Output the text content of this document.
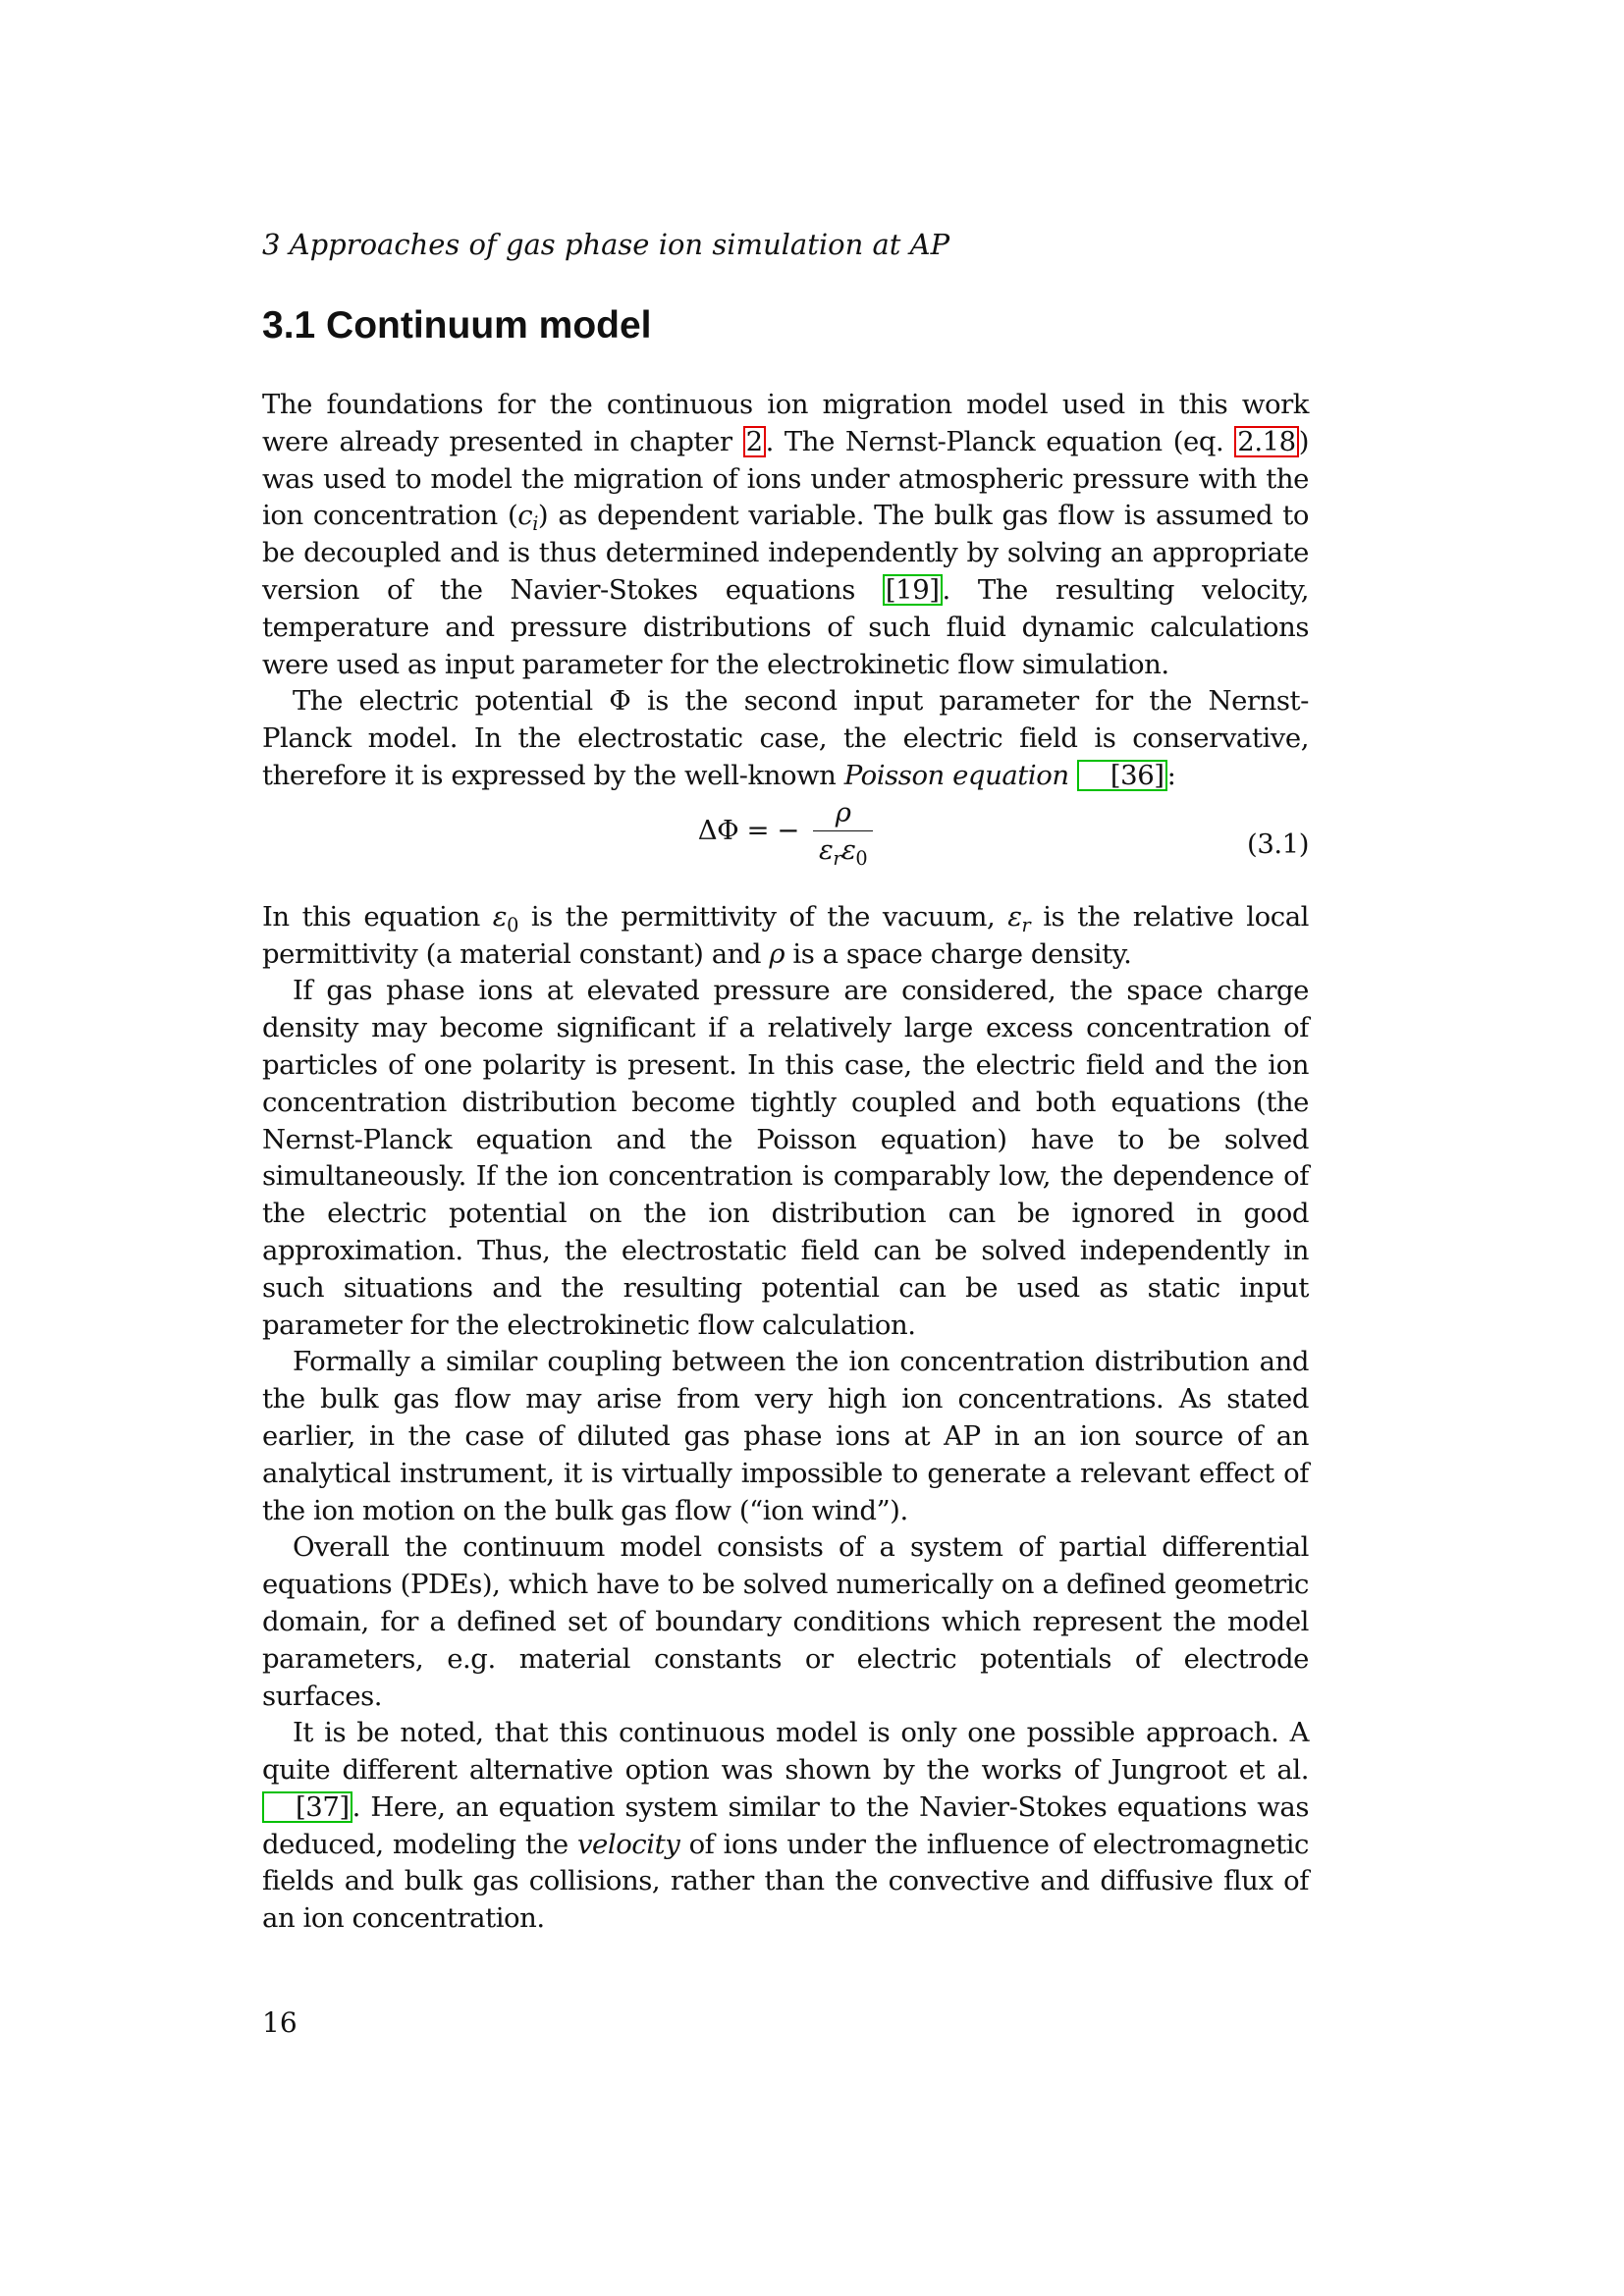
3 Approaches of gas phase ion simulation at AP
3.1 Continuum model

The foundations for the continuous ion migration model used in this work were already presented in chapter 2 . The Nernst-Planck equation (eq. 2.18 ) was used to model the migration of ions under atmospheric pressure with the ion concentration $(c_i)$ as dependent variable. The bulk gas flow is assumed to be decoupled and is thus determined independently by solving an appropriate version of the Navier-Stokes equations [19] . The resulting velocity, temperature and pressure distributions of such fluid dynamic calculations were used as input parameter for the electrokinetic flow simulation.

The electric potential Φ is the second input parameter for the Nernst-Planck model. In the electrostatic case, the electric field is conservative, therefore it is expressed by the well-known Poisson equation [36] :

ΔΦ = − $\frac{\rho}{\varepsilon_r\varepsilon_0}$	(3.1)

In this equation $\varepsilon_0$ is the permittivity of the vacuum, $\varepsilon_r$ is the relative local permittivity (a material constant) and ρ is a space charge density.

If gas phase ions at elevated pressure are considered, the space charge density may become significant if a relatively large excess concentration of particles of one polarity is present. In this case, the electric field and the ion concentration distribution become tightly coupled and both equations (the Nernst-Planck equation and the Poisson equation) have to be solved simultaneously. If the ion concentration is comparably low, the dependence of the electric potential on the ion distribution can be ignored in good approximation. Thus, the electrostatic field can be solved independently in such situations and the resulting potential can be used as static input parameter for the electrokinetic flow calculation.

Formally a similar coupling between the ion concentration distribution and the bulk gas flow may arise from very high ion concentrations. As stated earlier, in the case of diluted gas phase ions at AP in an ion source of an analytical instrument, it is virtually impossible to generate a relevant effect of the ion motion on the bulk gas flow (“ion wind”).

Overall the continuum model consists of a system of partial differential equations (PDEs), which have to be solved numerically on a defined geometric domain, for a defined set of boundary conditions which represent the model parameters, e.g. material constants or electric potentials of electrode surfaces.

It is be noted, that this continuous model is only one possible approach. A quite different alternative option was shown by the works of Jungroot et al. [37] . Here, an equation system similar to the Navier-Stokes equations was deduced, modeling the velocity of ions under the influence of electromagnetic fields and bulk gas collisions, rather than the convective and diffusive flux of an ion concentration.

16
